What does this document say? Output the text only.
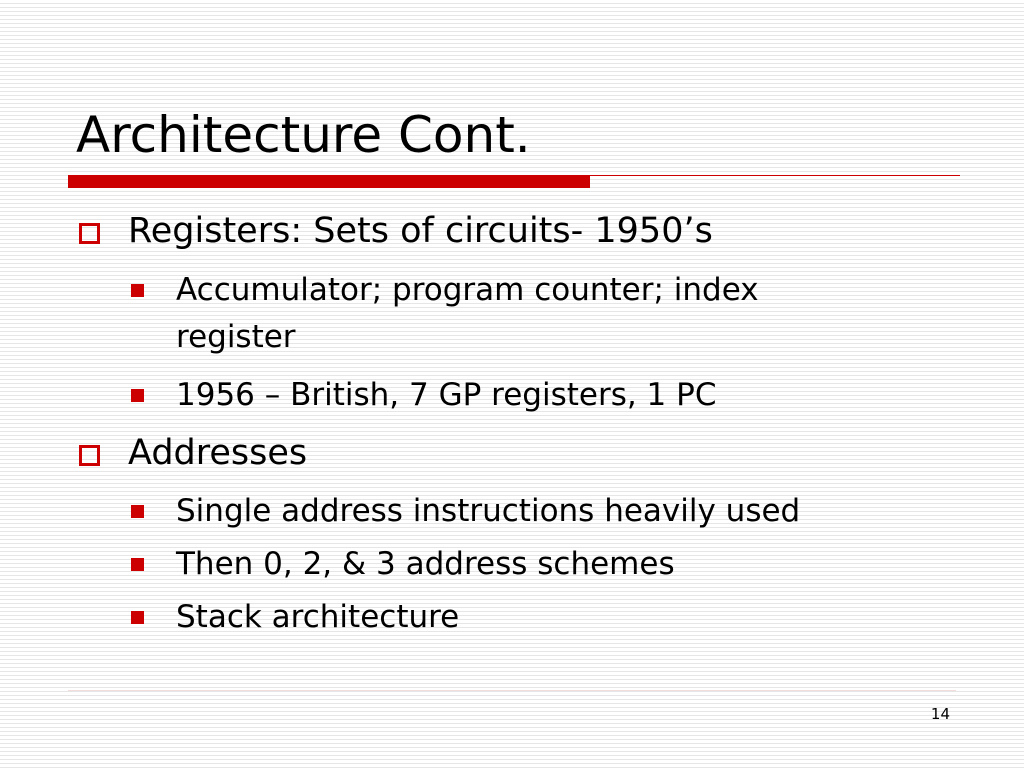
Architecture Cont.
Registers: Sets of circuits- 1950’s
Accumulator; program counter; index
register
1956 – British, 7 GP registers, 1 PC
Addresses
Single address instructions heavily used
Then 0, 2, & 3 address schemes
Stack architecture
14
